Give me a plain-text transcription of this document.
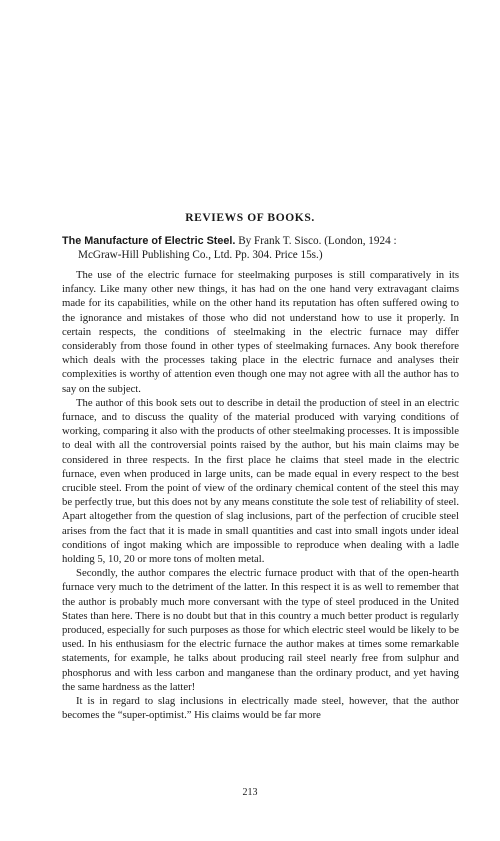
REVIEWS OF BOOKS.
The Manufacture of Electric Steel. By Frank T. Sisco. (London, 1924 :
McGraw-Hill Publishing Co., Ltd. Pp. 304. Price 15s.)

The use of the electric furnace for steelmaking purposes is still comparatively in its infancy. Like many other new things, it has had on the one hand very extravagant claims made for its capabilities, while on the other hand its reputation has often suffered owing to the ignorance and mistakes of those who did not understand how to use it properly. In certain respects, the conditions of steelmaking in the electric furnace may differ considerably from those found in other types of steelmaking furnaces. Any book therefore which deals with the processes taking place in the electric furnace and analyses their complexities is worthy of attention even though one may not agree with all the author has to say on the subject.

The author of this book sets out to describe in detail the production of steel in an electric furnace, and to discuss the quality of the material produced with varying conditions of working, comparing it also with the products of other steelmaking processes. It is impossible to deal with all the controversial points raised by the author, but his main claims may be considered in three respects. In the first place he claims that steel made in the electric furnace, even when produced in large units, can be made equal in every respect to the best crucible steel. From the point of view of the ordinary chemical content of the steel this may be perfectly true, but this does not by any means constitute the sole test of reliability of steel. Apart altogether from the question of slag inclusions, part of the perfection of crucible steel arises from the fact that it is made in small quantities and cast into small ingots under ideal conditions of ingot making which are impossible to reproduce when dealing with a ladle holding 5, 10, 20 or more tons of molten metal.

Secondly, the author compares the electric furnace product with that of the open-hearth furnace very much to the detriment of the latter. In this respect it is as well to remember that the author is probably much more conversant with the type of steel produced in the United States than here. There is no doubt but that in this country a much better product is regularly produced, especially for such purposes as those for which electric steel would be likely to be used. In his enthusiasm for the electric furnace the author makes at times some remarkable statements, for example, he talks about producing rail steel nearly free from sulphur and phosphorus and with less carbon and manganese than the ordinary product, and yet having the same hardness as the latter!

It is in regard to slag inclusions in electrically made steel, however, that the author becomes the “super-optimist.” His claims would be far more

213
